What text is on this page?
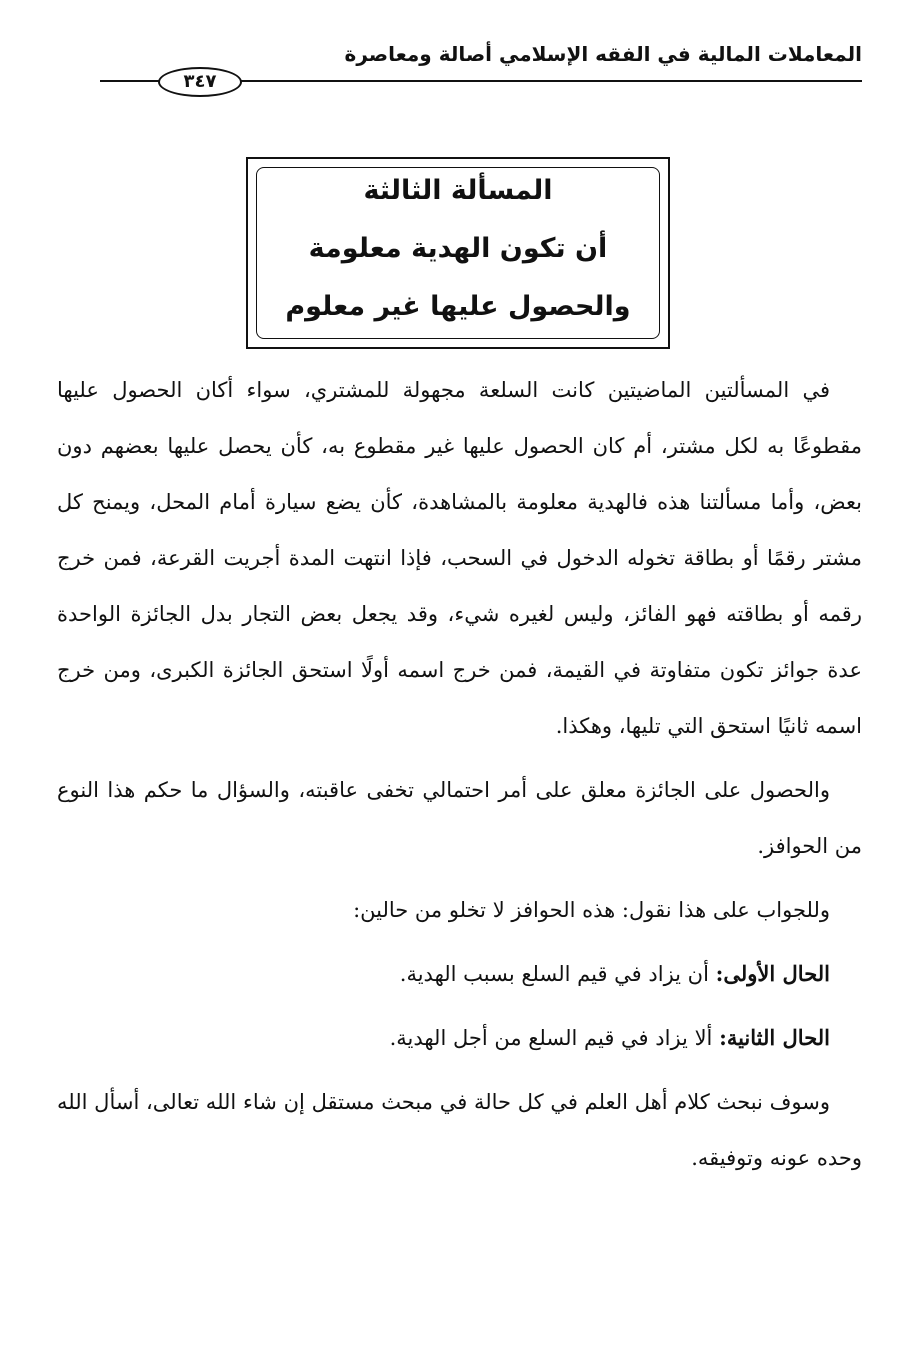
المعاملات المالية في الفقه الإسلامي أصالة ومعاصرة
٣٤٧
المسألة الثالثة
أن تكون الهدية معلومة
والحصول عليها غير معلوم

في المسألتين الماضيتين كانت السلعة مجهولة للمشتري، سواء أكان الحصول عليها مقطوعًا به لكل مشتر، أم كان الحصول عليها غير مقطوع به، كأن يحصل عليها بعضهم دون بعض، وأما مسألتنا هذه فالهدية معلومة بالمشاهدة، كأن يضع سيارة أمام المحل، ويمنح كل مشتر رقمًا أو بطاقة تخوله الدخول في السحب، فإذا انتهت المدة أجريت القرعة، فمن خرج رقمه أو بطاقته فهو الفائز، وليس لغيره شيء، وقد يجعل بعض التجار بدل الجائزة الواحدة عدة جوائز تكون متفاوتة في القيمة، فمن خرج اسمه أولًا استحق الجائزة الكبرى، ومن خرج اسمه ثانيًا استحق التي تليها، وهكذا.

والحصول على الجائزة معلق على أمر احتمالي تخفى عاقبته، والسؤال ما حكم هذا النوع من الحوافز.

وللجواب على هذا نقول: هذه الحوافز لا تخلو من حالين:

الحال الأولى: أن يزاد في قيم السلع بسبب الهدية.

الحال الثانية: ألا يزاد في قيم السلع من أجل الهدية.

وسوف نبحث كلام أهل العلم في كل حالة في مبحث مستقل إن شاء الله تعالى، أسأل الله وحده عونه وتوفيقه.
